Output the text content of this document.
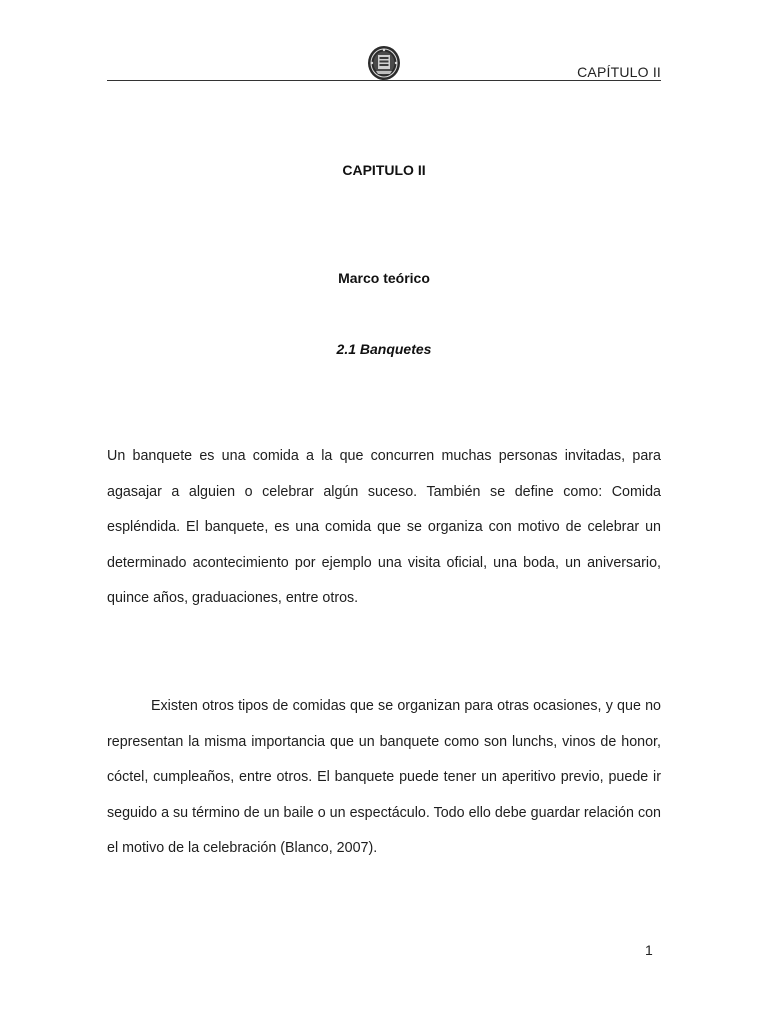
CAPÍTULO II
CAPITULO II
Marco teórico
2.1 Banquetes

Un banquete es una comida a la que concurren muchas personas invitadas, para agasajar a alguien o celebrar algún suceso. También se define como: Comida espléndida. El banquete, es una comida que se organiza con motivo de celebrar un determinado acontecimiento por ejemplo una visita oficial, una boda, un aniversario, quince años, graduaciones, entre otros.

Existen otros tipos de comidas que se organizan para otras ocasiones, y que no representan la misma importancia que un banquete como son lunchs, vinos de honor, cóctel, cumpleaños, entre otros. El banquete puede tener un aperitivo previo, puede ir seguido a su término de un baile o un espectáculo. Todo ello debe guardar relación con el motivo de la celebración (Blanco, 2007).

1
